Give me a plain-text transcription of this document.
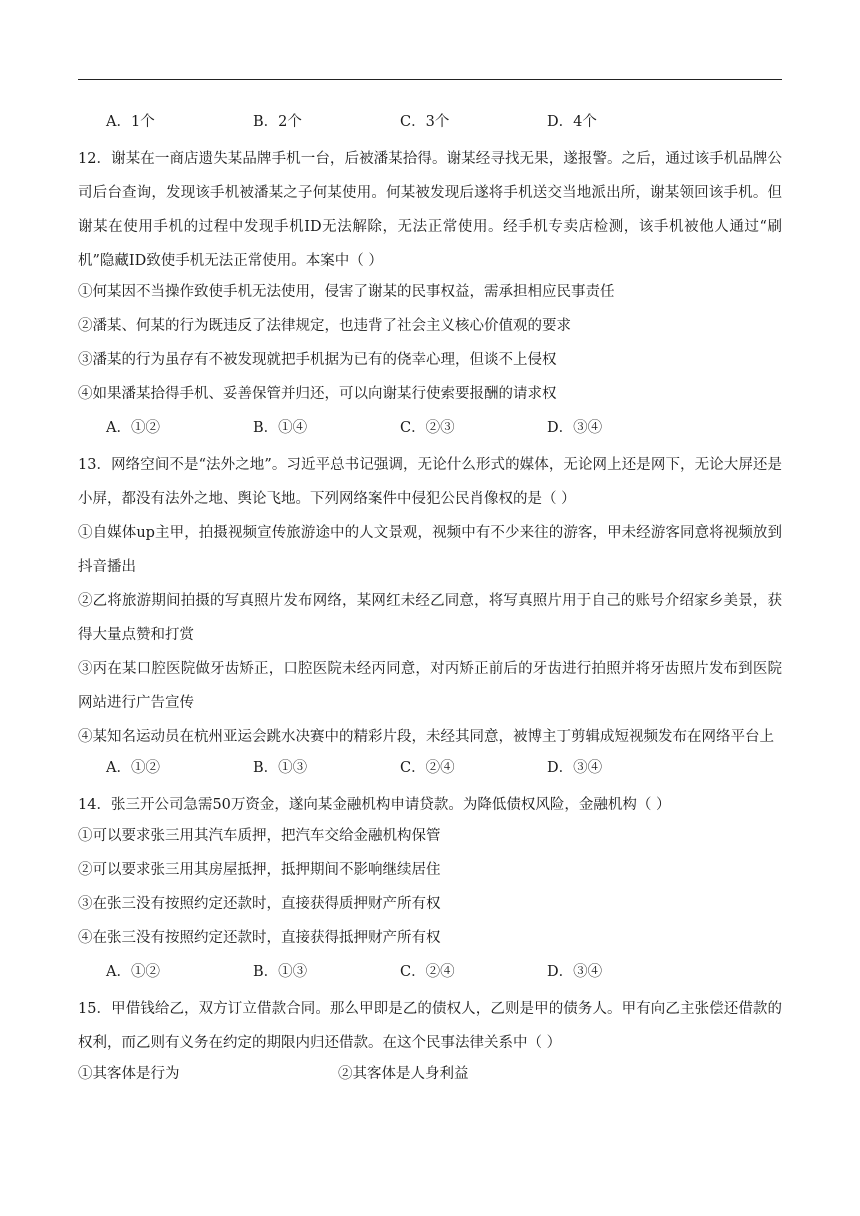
A．1个	B．2个	C．3个	D．4个

12．谢某在一商店遗失某品牌手机一台，后被潘某拾得。谢某经寻找无果，遂报警。之后，通过该手机品牌公司后台查询，发现该手机被潘某之子何某使用。何某被发现后遂将手机送交当地派出所，谢某领回该手机。但谢某在使用手机的过程中发现手机ID无法解除，无法正常使用。经手机专卖店检测，该手机被他人通过“刷机”隐藏ID致使手机无法正常使用。本案中（ ）

①何某因不当操作致使手机无法使用，侵害了谢某的民事权益，需承担相应民事责任
②潘某、何某的行为既违反了法律规定，也违背了社会主义核心价值观的要求
③潘某的行为虽存有不被发现就把手机据为已有的侥幸心理，但谈不上侵权
④如果潘某拾得手机、妥善保管并归还，可以向谢某行使索要报酬的请求权
A．①②	B．①④	C．②③	D．③④

13．网络空间不是“法外之地”。习近平总书记强调，无论什么形式的媒体，无论网上还是网下，无论大屏还是小屏，都没有法外之地、舆论飞地。下列网络案件中侵犯公民肖像权的是（ ）

①自媒体up主甲，拍摄视频宣传旅游途中的人文景观，视频中有不少来往的游客，甲未经游客同意将视频放到抖音播出

②乙将旅游期间拍摄的写真照片发布网络，某网红未经乙同意，将写真照片用于自己的账号介绍家乡美景，获得大量点赞和打赏

③丙在某口腔医院做牙齿矫正，口腔医院未经丙同意，对丙矫正前后的牙齿进行拍照并将牙齿照片发布到医院网站进行广告宣传

④某知名运动员在杭州亚运会跳水决赛中的精彩片段，未经其同意，被博主丁剪辑成短视频发布在网络平台上

A．①②	B．①③	C．②④	D．③④

14．张三开公司急需50万资金，遂向某金融机构申请贷款。为降低债权风险，金融机构（ ）

①可以要求张三用其汽车质押，把汽车交给金融机构保管
②可以要求张三用其房屋抵押，抵押期间不影响继续居住
③在张三没有按照约定还款时，直接获得质押财产所有权
④在张三没有按照约定还款时，直接获得抵押财产所有权
A．①②	B．①③	C．②④	D．③④

15．甲借钱给乙，双方订立借款合同。那么甲即是乙的债权人，乙则是甲的债务人。甲有向乙主张偿还借款的权利，而乙则有义务在约定的期限内归还借款。在这个民事法律关系中（ ）

①其客体是行为	②其客体是人身利益
